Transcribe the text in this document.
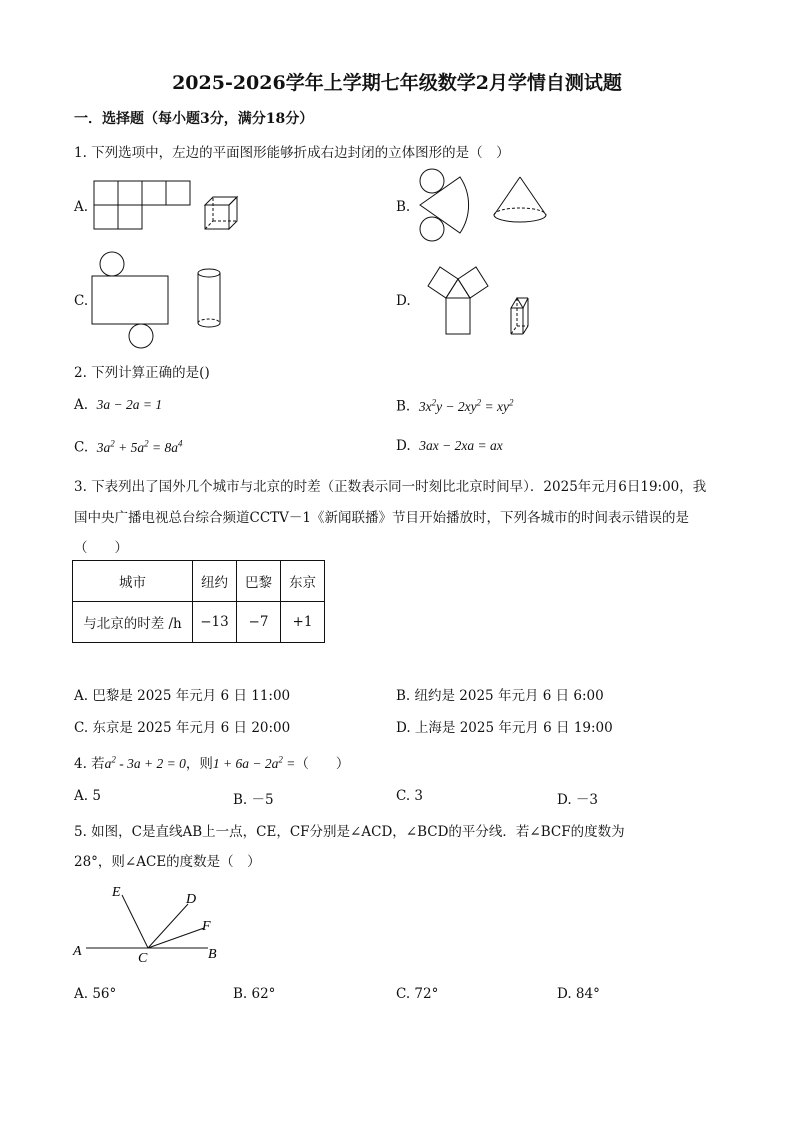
2025-2026学年上学期七年级数学2月学情自测试题
一．选择题（每小题3分，满分18分）
1. 下列选项中，左边的平面图形能够折成右边封闭的立体图形的是（　）
A.	B.
C.	D.
2. 下列计算正确的是()
A. 3a − 2a = 1	B. $3x^2y - 2xy^2 = xy^2$
C. $3a^2 + 5a^2 = 8a^4$	D. 3ax − 2xa = ax
3. 下表列出了国外几个城市与北京的时差（正数表示同一时刻比北京时间早）．2025年元月6日19:00，我
国中央广播电视总台综合频道CCTV－1《新闻联播》节目开始播放时，下列各城市的时间表示错误的是
（　　）
城市	纽约	巴黎	东京
与北京的时差 /h	−13	−7	+1
A. 巴黎是 2025 年元月 6 日 11:00	B. 纽约是 2025 年元月 6 日 6:00
C. 东京是 2025 年元月 6 日 20:00	D. 上海是 2025 年元月 6 日 19:00
4. 若$a^2 - 3a + 2 = 0$，则$1 + 6a - 2a^2$ =（　　）
A. 5	B. －5	C. 3	D. －3
5. 如图，C是直线AB上一点，CE，CF分别是∠ACD，∠BCD的平分线．若∠BCF的度数为
28°，则∠ACE的度数是（　）
A	B
C
D
E
F
A. 56°	B. 62°	C. 72°	D. 84°
